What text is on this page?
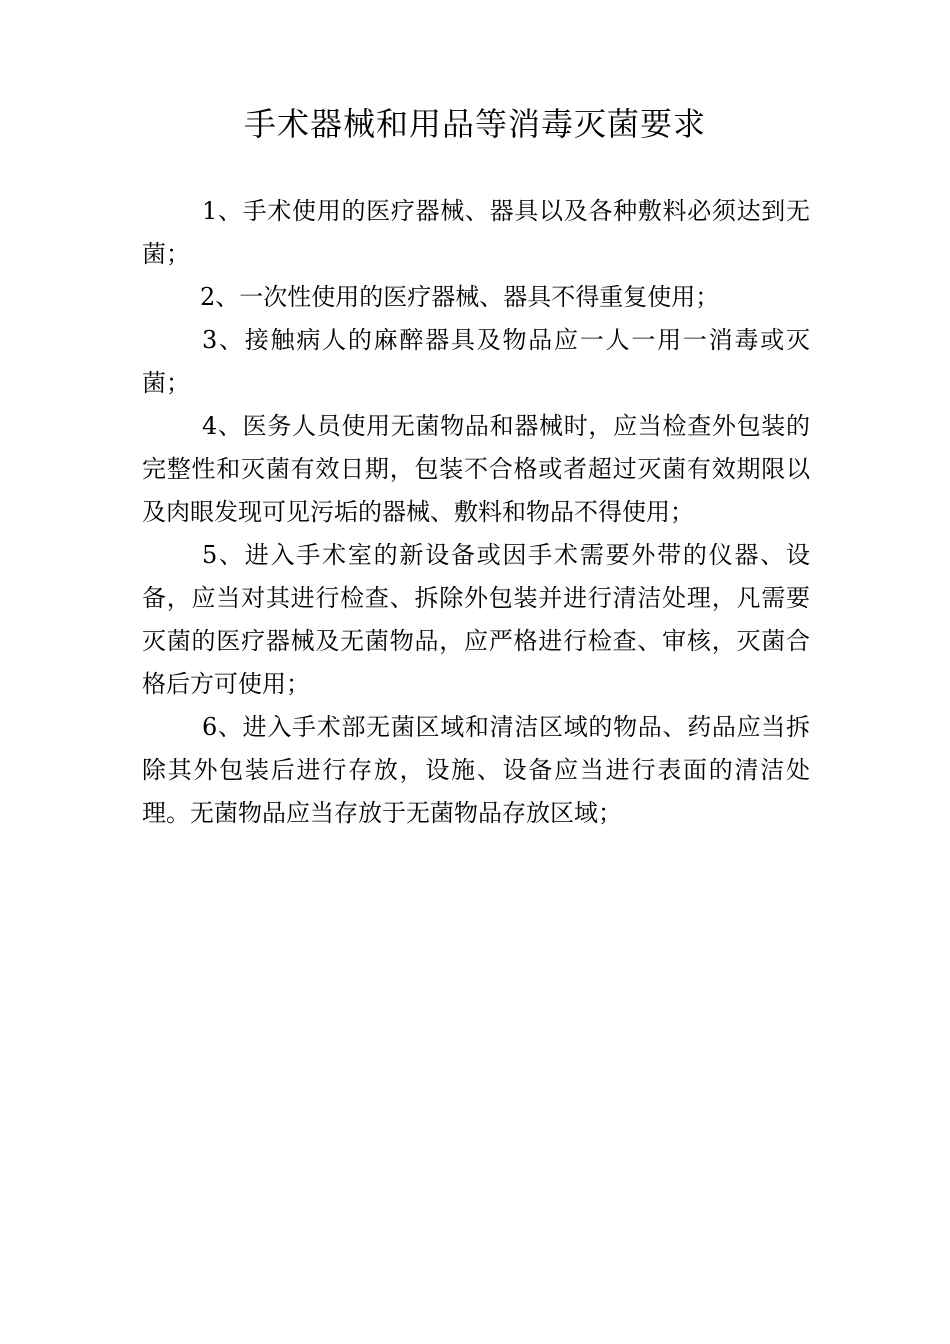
手术器械和用品等消毒灭菌要求

1、手术使用的医疗器械、器具以及各种敷料必须达到无菌；

2、一次性使用的医疗器械、器具不得重复使用；

3、接触病人的麻醉器具及物品应一人一用一消毒或灭菌；

4、医务人员使用无菌物品和器械时，应当检查外包装的完整性和灭菌有效日期，包装不合格或者超过灭菌有效期限以及肉眼发现可见污垢的器械、敷料和物品不得使用；

5、进入手术室的新设备或因手术需要外带的仪器、设备，应当对其进行检查、拆除外包装并进行清洁处理，凡需要灭菌的医疗器械及无菌物品，应严格进行检查、审核，灭菌合格后方可使用；

6、进入手术部无菌区域和清洁区域的物品、药品应当拆除其外包装后进行存放，设施、设备应当进行表面的清洁处理。无菌物品应当存放于无菌物品存放区域；
